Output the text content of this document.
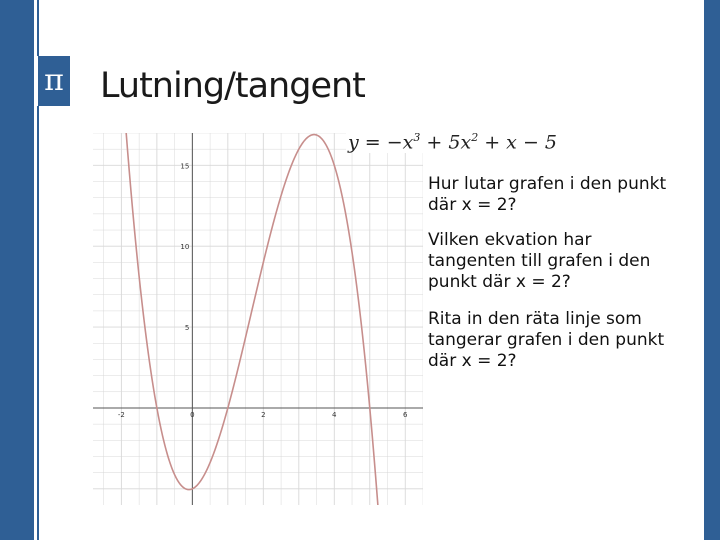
π Lutning/tangent
-2	0	2	4	6
15
10
5
$y = -x^3 + 5x^2 + x - 5$
Hur lutar grafen i den punkt där x = 2?
Vilken ekvation har tangenten till grafen i den punkt där x = 2?
Rita in den räta linje som tangerar grafen i den punkt där x = 2?
